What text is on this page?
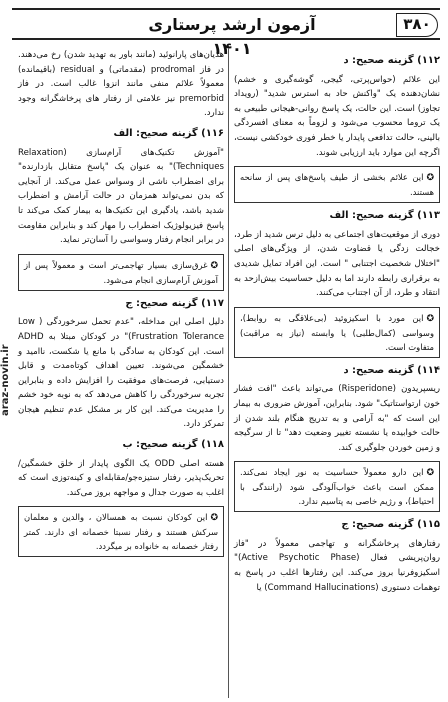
آزمون ارشد پرستاری ۱۴۰۱
۳۸۰
araz-novin.ir
۱۱۲) گزینه صحیح: د

این علائم (حواس‌پرتی، گیجی، گوشه‌گیری و خشم) نشان‌دهنده یک "واکنش حاد به استرس شدید" (رویداد تجاوز) است. این حالت، یک پاسخ روانی-هیجانی طبیعی به یک تروما محسوب می‌شود و لزوماً به معنای افسردگی بالینی، حالت تدافعی پایدار یا خطر فوری خودکشی نیست، اگرچه این موارد باید ارزیابی شوند.

✪این علائم بخشی از طیف پاسخ‌های پس از سانحه هستند.
۱۱۳) گزینه صحیح: الف

دوری از موقعیت‌های اجتماعی به دلیل ترس شدید از طرد، خجالت زدگی یا قضاوت شدن، از ویژگی‌های اصلی "اختلال شخصیت اجتنابی " است. این افراد تمایل شدیدی به برقراری رابطه دارند اما به دلیل حساسیت بیش‌ازحد به انتقاد و طرد، از آن اجتناب می‌کنند.

✪این مورد با اسکیزوئید (بی‌علاقگی به روابط)، وسواسی (کمال‌طلبی) یا وابسته (نیاز به مراقبت) متفاوت است.
۱۱۴) گزینه صحیح: د

ریسپریدون (Risperidone) می‌تواند باعث "افت فشار خون ارتواستاتیک" شود. بنابراین، آموزش ضروری به بیمار این است که "به آرامی و به تدریج هنگام بلند شدن از حالت خوابیده یا نشسته تغییر وضعیت دهد" تا از سرگیجه و زمین خوردن جلوگیری کند.

✪این دارو معمولاً حساسیت به نور ایجاد نمی‌کند. ممکن است باعث خواب‌آلودگی شود (رانندگی با احتیاط)، و رژیم خاصی به پتاسیم ندارد.
۱۱۵) گزینه صحیح: ج

رفتارهای پرخاشگرانه و تهاجمی معمولاً در "فاز روان‌پریشی فعال (Active Psychotic Phase)" اسکیزوفرنیا بروز می‌کند. این رفتارها اغلب در پاسخ به توهمات دستوری (Command Hallucinations) یا

هذیان‌های پارانوئید (مانند باور به تهدید شدن) رخ می‌دهند. در فاز prodromal (مقدماتی) و residual (باقیمانده) معمولاً علائم منفی مانند انزوا غالب است. در فاز premorbid نیز علامتی از رفتار های پرخاشگرانه وجود ندارد.

۱۱۶) گزینه صحیح: الف

"آموزش تکنیک‌های آرام‌سازی (Relaxation Techniques)" به عنوان یک "پاسخ متقابل بازدارنده" برای اضطراب ناشی از وسواس عمل می‌کند. از آنجایی که بدن نمی‌تواند همزمان در حالت آرامش و اضطراب شدید باشد، یادگیری این تکنیک‌ها به بیمار کمک می‌کند تا پاسخ فیزیولوژیک اضطراب را مهار کند و بنابراین مقاومت در برابر انجام رفتار وسواسی را آسان‌تر نماید.

✪غرق‌سازی بسیار تهاجمی‌تر است و معمولاً پس از آموزش آرام‌سازی انجام می‌شود.
۱۱۷) گزینه صحیح: ج

دلیل اصلی این مداخله، "عدم تحمل سرخوردگی ( Low Frustration Tolerance)" در کودکان مبتلا به ADHD است. این کودکان به سادگی با مانع یا شکست، ناامید و خشمگین می‌شوند. تعیین اهداف کوتاه‌مدت و قابل دستیابی، فرصت‌های موفقیت را افزایش داده و بنابراین تجربه سرخوردگی را کاهش می‌دهد که به نوبه خود خشم را مدیریت می‌کند. این کار بر مشکل عدم تنظیم هیجان تمرکز دارد.

۱۱۸) گزینه صحیح: ب

هسته اصلی ODD یک الگوی پایدار از خلق خشمگین/تحریک‌پذیر، رفتار ستیزه‌جو/مقابله‌ای و کینه‌توزی است که اغلب به صورت جدال و مواجهه بروز می‌کند.

✪این کودکان نسبت به همسالان ، والدین و معلمان سرکش هستند و رفتار نسبتا خصمانه ای دارند. کمتر رفتار خصمانه به خانواده بر میگردد.
